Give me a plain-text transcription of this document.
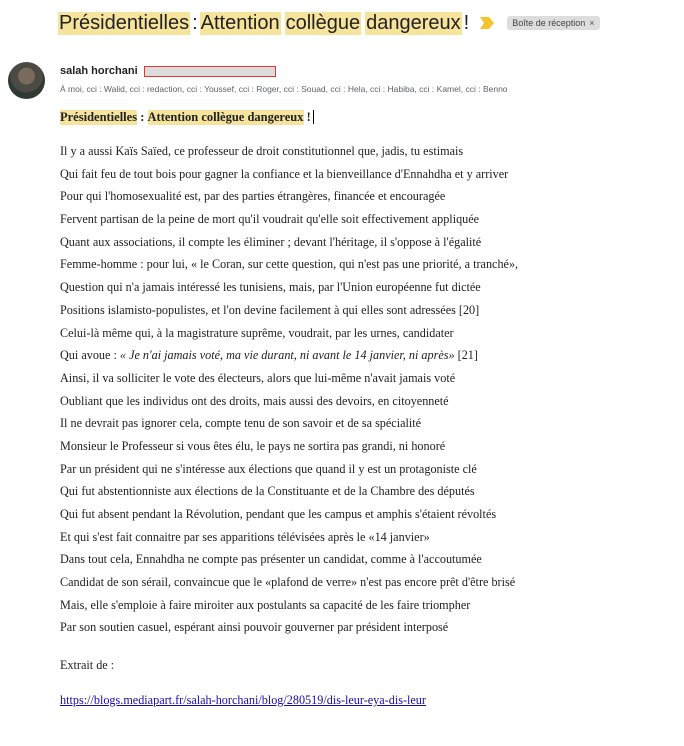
Présidentielles : Attention collègue dangereux !	Boîte de réception ×
salah horchani
À moi, cci : Walid, cci : redaction, cci : Youssef, cci : Roger, cci : Souad, cci : Hela, cci : Habiba, cci : Kamel, cci : Benno
Présidentielles : Attention collègue dangereux !
Il y a aussi Kaïs Saïed, ce professeur de droit constitutionnel que, jadis, tu estimais
Qui fait feu de tout bois pour gagner la confiance et la bienveillance d'Ennahdha et y arriver
Pour qui l'homosexualité est, par des parties étrangères, financée et encouragée
Fervent partisan de la peine de mort qu'il voudrait qu'elle soit effectivement appliquée
Quant aux associations, il compte les éliminer ; devant l'héritage, il s'oppose à l'égalité
Femme-homme : pour lui, « le Coran, sur cette question, qui n'est pas une priorité, a tranché»,
Question qui n'a jamais intéressé les tunisiens, mais, par l'Union européenne fut dictée
Positions islamisto-populistes, et l'on devine facilement à qui elles sont adressées [20]
Celui-là même qui, à la magistrature suprême, voudrait, par les urnes, candidater
Qui avoue : « Je n'ai jamais voté, ma vie durant, ni avant le 14 janvier, ni après» [21]
Ainsi, il va solliciter le vote des électeurs, alors que lui-même n'avait jamais voté
Oubliant que les individus ont des droits, mais aussi des devoirs, en citoyenneté
Il ne devrait pas ignorer cela, compte tenu de son savoir et de sa spécialité
Monsieur le Professeur si vous êtes élu, le pays ne sortira pas grandi, ni honoré
Par un président qui ne s'intéresse aux élections que quand il y est un protagoniste clé
Qui fut abstentionniste aux élections de la Constituante et de la Chambre des députés
Qui fut absent pendant la Révolution, pendant que les campus et amphis s'étaient révoltés
Et qui s'est fait connaitre par ses apparitions télévisées après le «14 janvier»
Dans tout cela, Ennahdha ne compte pas présenter un candidat, comme à l'accoutumée
Candidat de son sérail, convaincue que le «plafond de verre» n'est pas encore prêt d'être brisé
Mais, elle s'emploie à faire miroiter aux postulants sa capacité de les faire triompher
Par son soutien casuel, espérant ainsi pouvoir gouverner par président interposé
Extrait de :
https://blogs.mediapart.fr/salah-horchani/blog/280519/dis-leur-eya-dis-leur
